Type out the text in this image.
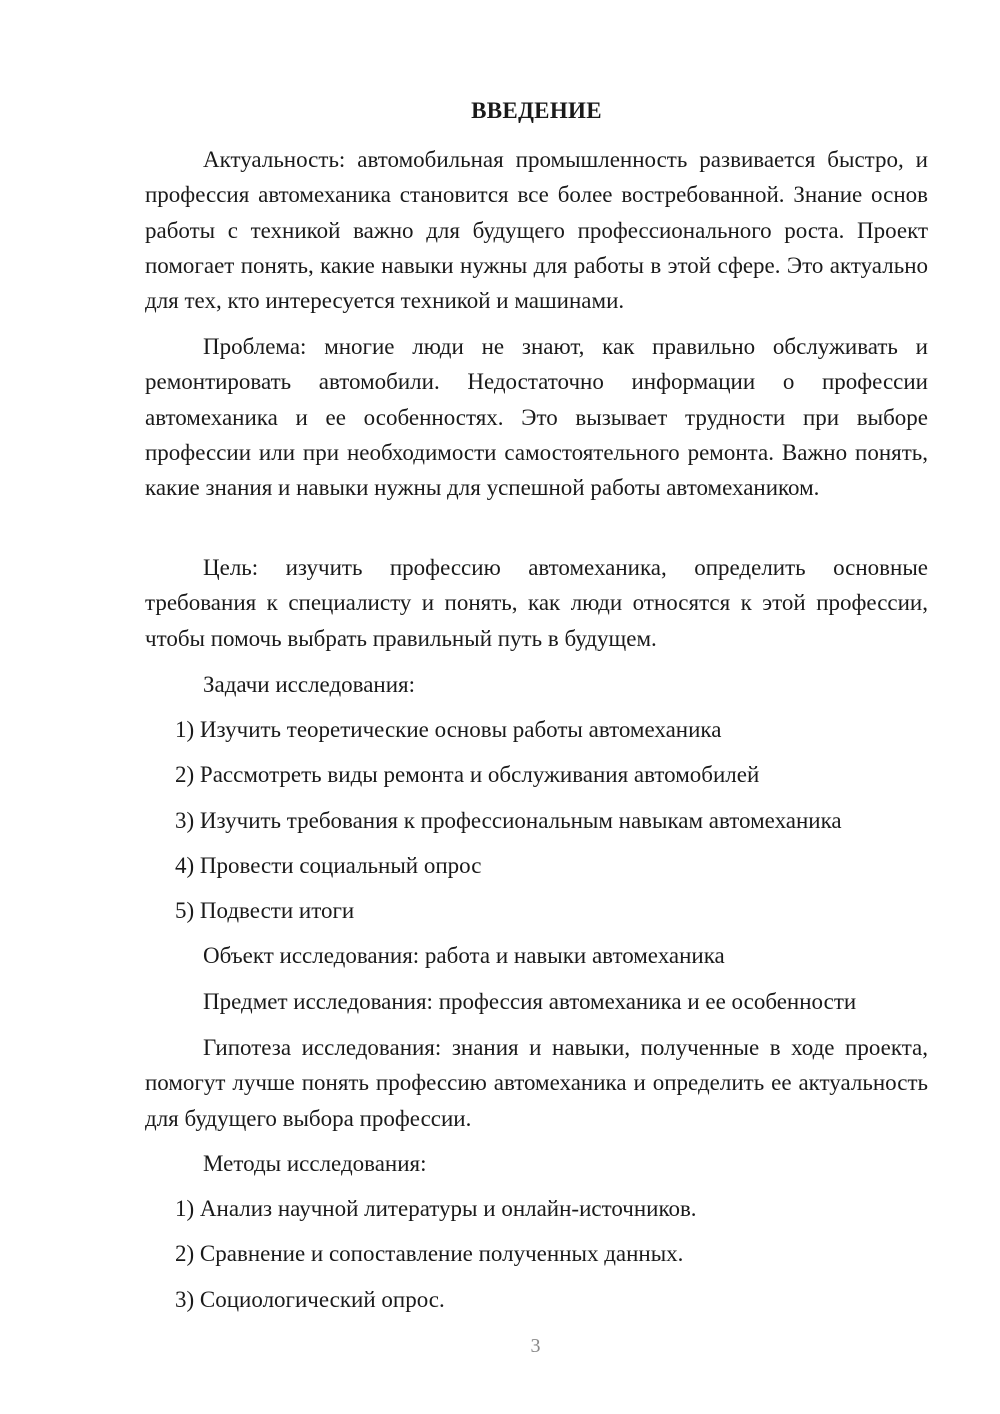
ВВЕДЕНИЕ

Актуальность: автомобильная промышленность развивается быстро, и профессия автомеханика становится все более востребованной. Знание основ работы с техникой важно для будущего профессионального роста. Проект помогает понять, какие навыки нужны для работы в этой сфере. Это актуально для тех, кто интересуется техникой и машинами.

Проблема: многие люди не знают, как правильно обслуживать и ремонтировать автомобили. Недостаточно информации о профессии автомеханика и ее особенностях. Это вызывает трудности при выборе профессии или при необходимости самостоятельного ремонта. Важно понять, какие знания и навыки нужны для успешной работы автомехаником.

Цель: изучить профессию автомеханика, определить основные требования к специалисту и понять, как люди относятся к этой профессии, чтобы помочь выбрать правильный путь в будущем.

Задачи исследования:
1) Изучить теоретические основы работы автомеханика
2) Рассмотреть виды ремонта и обслуживания автомобилей
3) Изучить требования к профессиональным навыкам автомеханика
4) Провести социальный опрос
5) Подвести итоги
Объект исследования: работа и навыки автомеханика
Предмет исследования: профессия автомеханика и ее особенности

Гипотеза исследования: знания и навыки, полученные в ходе проекта, помогут лучше понять профессию автомеханика и определить ее актуальность для будущего выбора профессии.

Методы исследования:
1) Анализ научной литературы и онлайн-источников.
2) Сравнение и сопоставление полученных данных.
3) Социологический опрос.
3
